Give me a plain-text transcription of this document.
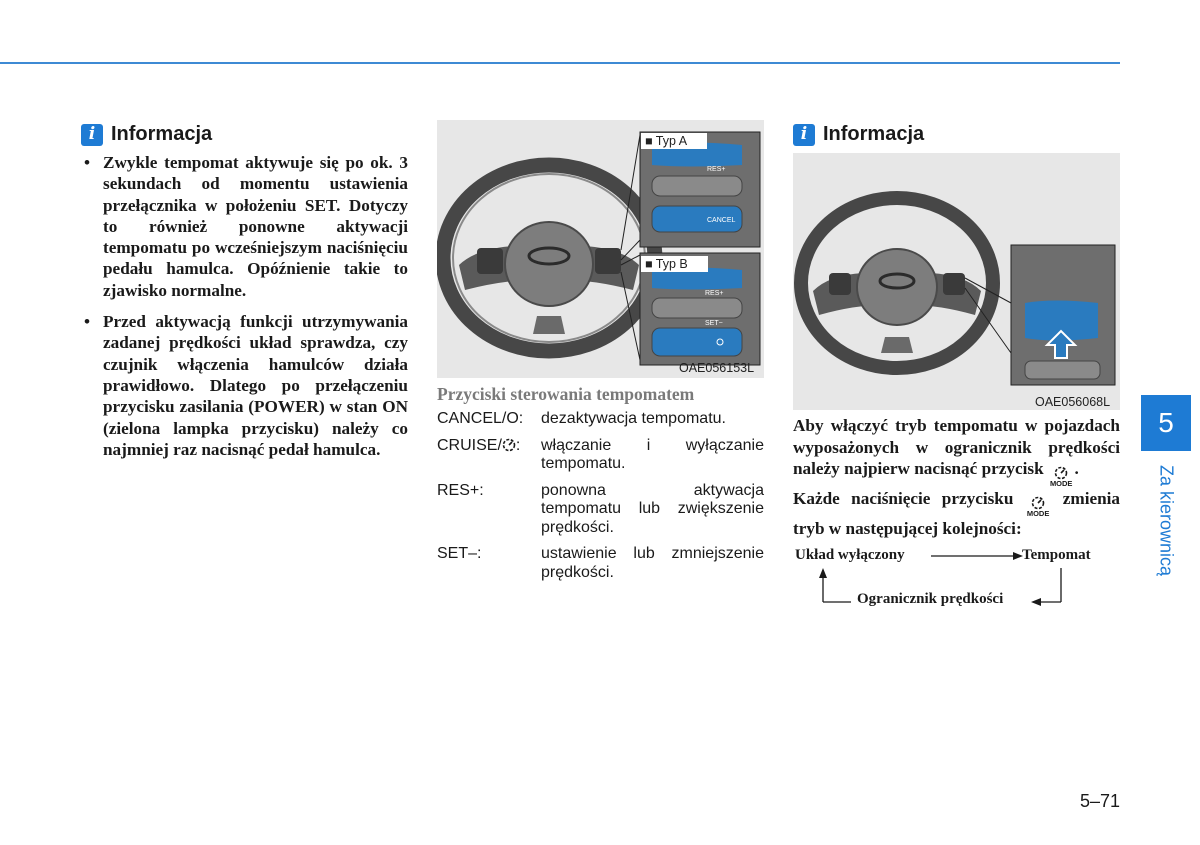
i Informacja
• Zwykle tempomat aktywuje się po ok. 3 sekundach od momentu ustawienia przełącznika w położeniu SET. Dotyczy to również ponowne aktywacji tempomatu po wcześniejszym naciśnięciu pedału hamulca. Opóźnienie takie to zjawisko normalne.
• Przed aktywacją funkcji utrzymywania zadanej prędkości układ sprawdza, czy czujnik włączenia hamulców działa prawidłowo. Dlatego po przełączeniu przycisku zasilania (POWER) w stan ON (zielona lampka przycisku) należy co najmniej raz nacisnąć pedał hamulca.
■ Typ A
RES+
CANCEL
■ Typ B
RES+
SET−
OAE056153L
Przyciski sterowania tempomatem
CANCEL/O:	dezaktywacja tempomatu.
CRUISE/ :	włączanie i wyłączanie tempomatu.
RES+:	ponowna aktywacja tempomatu lub zwiększenie prędkości.
SET–:	ustawienie lub zmniejszenie prędkości.
i Informacja
OAE056068L
Aby włączyć tryb tempomatu w pojazdach wyposażonych w ogranicznik prędkości należy najpierw nacisnąć przycisk
MODE
.
Każde naciśnięcie przycisku
MODE
zmienia tryb w następującej kolejności:
Układ wyłączony	Tempomat
Ogranicznik prędkości
5
Za kierownicą
5–71
